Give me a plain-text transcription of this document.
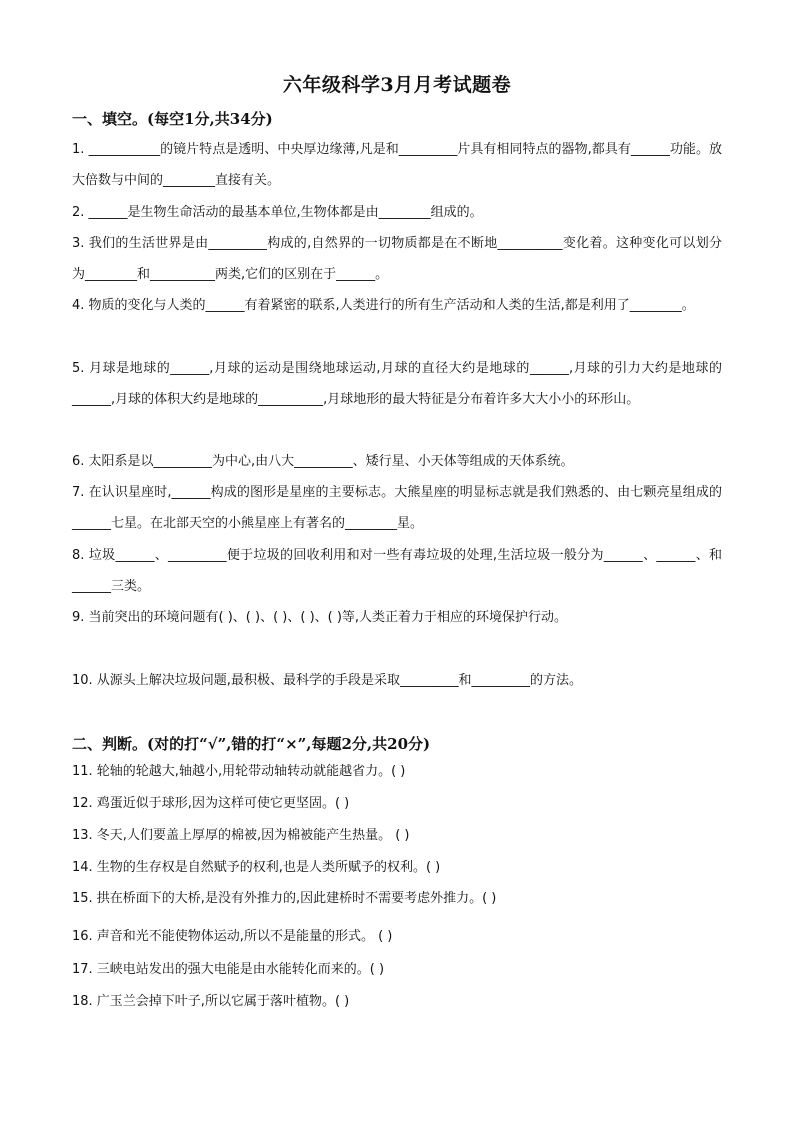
六年级科学3月月考试题卷
一、填空。(每空1分,共34分)
1. ___________的镜片特点是透明、中央厚边缘薄,凡是和_________片具有相同特点的器物,都具有______功能。放大倍数与中间的________直接有关。
2. ______是生物生命活动的最基本单位,生物体都是由________组成的。
3. 我们的生活世界是由_________构成的,自然界的一切物质都是在不断地__________变化着。这种变化可以划分为________和__________两类,它们的区别在于______。
4. 物质的变化与人类的______有着紧密的联系,人类进行的所有生产活动和人类的生活,都是利用了________。
5. 月球是地球的______,月球的运动是围绕地球运动,月球的直径大约是地球的______,月球的引力大约是地球的______,月球的体积大约是地球的__________,月球地形的最大特征是分布着许多大大小小的环形山。
6. 太阳系是以_________为中心,由八大_________、矮行星、小天体等组成的天体系统。
7. 在认识星座时,______构成的图形是星座的主要标志。大熊星座的明显标志就是我们熟悉的、由七颗亮星组成的______七星。在北部天空的小熊星座上有著名的________星。
8. 垃圾______、_________便于垃圾的回收利用和对一些有毒垃圾的处理,生活垃圾一般分为______、______、和______三类。
9. 当前突出的环境问题有( )、( )、( )、( )、( )等,人类正着力于相应的环境保护行动。
10. 从源头上解决垃圾问题,最积极、最科学的手段是采取_________和_________的方法。
二、判断。(对的打“√”,错的打“×”,每题2分,共20分)
11. 轮轴的轮越大,轴越小,用轮带动轴转动就能越省力。( )
12. 鸡蛋近似于球形,因为这样可使它更坚固。( )
13. 冬天,人们要盖上厚厚的棉被,因为棉被能产生热量。 ( )
14. 生物的生存权是自然赋予的权利,也是人类所赋予的权利。( )
15. 拱在桥面下的大桥,是没有外推力的,因此建桥时不需要考虑外推力。( )
16. 声音和光不能使物体运动,所以不是能量的形式。 ( )
17. 三峡电站发出的强大电能是由水能转化而来的。( )
18. 广玉兰会掉下叶子,所以它属于落叶植物。( )
